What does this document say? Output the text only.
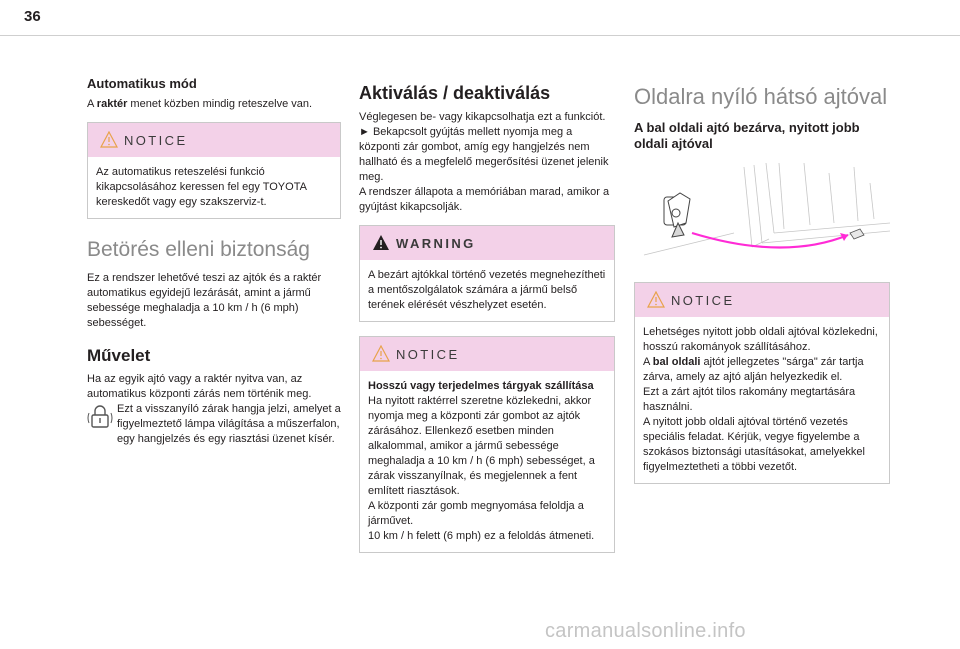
36
Automatikus mód

A raktér menet közben mindig reteszelve van.

NOTICE

Az automatikus reteszelési funkció kikapcsolásához keressen fel egy TOYOTA kereskedőt vagy egy szakszerviz-t.

Betörés elleni biztonság

Ez a rendszer lehetővé teszi az ajtók és a raktér automatikus egyidejű lezárását, amint a jármű sebessége meghaladja a 10 km / h (6 mph) sebességet.

Művelet

Ha az egyik ajtó vagy a raktér nyitva van, az automatikus központi zárás nem történik meg.

Ezt a visszanyíló zárak hangja jelzi, amelyet a figyelmeztető lámpa világítása a műszerfalon, egy hangjelzés és egy riasztási üzenet kísér.

Aktiválás / deaktiválás

Véglegesen be- vagy kikapcsolhatja ezt a funkciót.

► Bekapcsolt gyújtás mellett nyomja meg a központi zár gombot, amíg egy hangjelzés nem hallható és a megfelelő megerősítési üzenet jelenik meg.

A rendszer állapota a memóriában marad, amikor a gyújtást kikapcsolják.

WARNING

A bezárt ajtókkal történő vezetés megnehezítheti a mentőszolgálatok számára a jármű belső terének elérését vészhelyzet esetén.

NOTICE

Hosszú vagy terjedelmes tárgyak szállítása

Ha nyitott raktérrel szeretne közlekedni, akkor nyomja meg a központi zár gombot az ajtók zárásához. Ellenkező esetben minden alkalommal, amikor a jármű sebessége meghaladja a 10 km / h (6 mph) sebességet, a zárak visszanyílnak, és megjelennek a fent említett riasztások.

A központi zár gomb megnyomása feloldja a járművet.

10 km / h felett (6 mph) ez a feloldás átmeneti.

Oldalra nyíló hátsó ajtóval
A bal oldali ajtó bezárva, nyitott jobb oldali ajtóval
NOTICE

Lehetséges nyitott jobb oldali ajtóval közlekedni, hosszú rakományok szállításához.

A bal oldali ajtót jellegzetes "sárga" zár tartja zárva, amely az ajtó alján helyezkedik el.

Ezt a zárt ajtót tilos rakomány megtartására használni.

A nyitott jobb oldali ajtóval történő vezetés speciális feladat. Kérjük, vegye figyelembe a szokásos biztonsági utasításokat, amelyekkel figyelmeztetheti a többi vezetőt.

carmanualsonline.info
